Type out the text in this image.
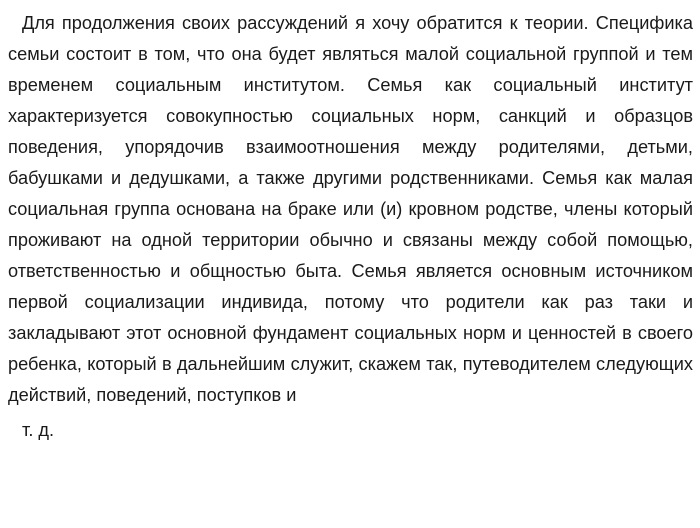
Для продолжения своих рассуждений я хочу обратится к теории. Специфика семьи состоит в том, что она будет являться малой социальной группой и тем временем социальным институтом. Семья как социальный институт характеризуется совокупностью социальных норм, санкций и образцов поведения, упорядочив взаимоотношения между родителями, детьми, бабушками и дедушками, а также другими родственниками. Семья как малая социальная группа основана на браке или (и) кровном родстве, члены который проживают на одной территории обычно и связаны между собой помощью, ответственностью и общностью быта. Семья является основным источником первой социализации индивида, потому что родители как раз таки и закладывают этот основной фундамент социальных норм и ценностей в своего ребенка, который в дальнейшим служит, скажем так, путеводителем следующих действий, поведений, поступков и

т. д.
